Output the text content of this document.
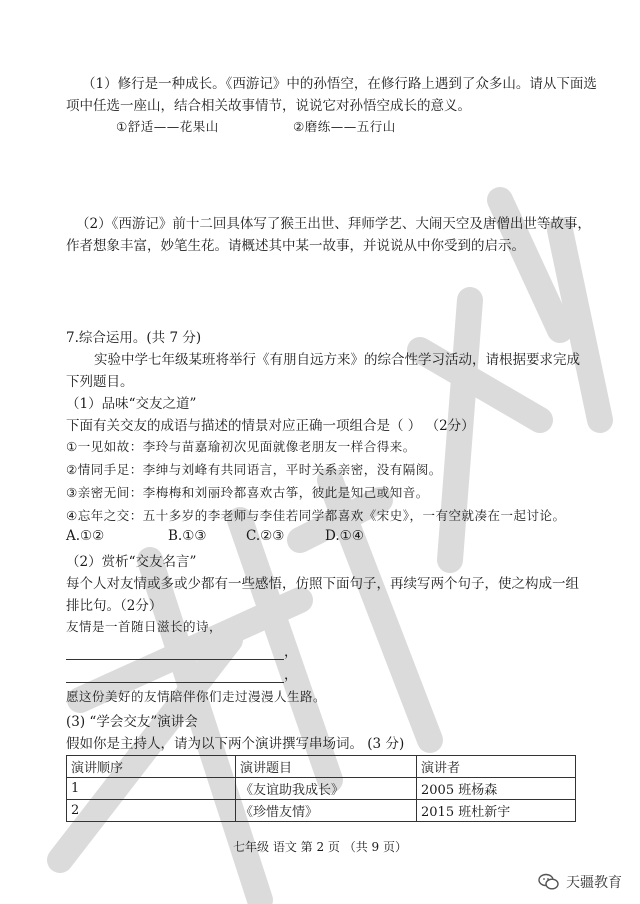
（1）修行是一种成长。《西游记》中的孙悟空，在修行路上遇到了众多山。请从下面选
项中任选一座山，结合相关故事情节，说说它对孙悟空成长的意义。
①舒适——花果山	②磨练——五行山
（2）《西游记》前十二回具体写了猴王出世、拜师学艺、大闹天空及唐僧出世等故事，
作者想象丰富，妙笔生花。请概述其中某一故事，并说说从中你受到的启示。
7.综合运用。(共 7 分)
实验中学七年级某班将举行《有朋自远方来》的综合性学习活动，请根据要求完成
下列题目。
（1）品味“交友之道”
下面有关交友的成语与描述的情景对应正确一项组合是（ ） （2分）
①一见如故：李玲与苗嘉瑜初次见面就像老朋友一样合得来。
②情同手足：李绅与刘峰有共同语言，平时关系亲密，没有隔阂。
③亲密无间：李梅梅和刘丽玲都喜欢古筝，彼此是知己或知音。
④忘年之交：五十多岁的李老师与李佳若同学都喜欢《宋史》，一有空就凑在一起讨论。
A.①②	B.①③	C.②③	D.①④
（2）赏析“交友名言”
每个人对友情或多或少都有一些感悟，仿照下面句子，再续写两个句子，使之构成一组
排比句。（2分）
友情是一首随日滋长的诗，
，
，
愿这份美好的友情陪伴你们走过漫漫人生路。
(3) “学会交友”演讲会
假如你是主持人，请为以下两个演讲撰写串场词。 (3 分)
演讲顺序	演讲题目	演讲者
1	《友谊助我成长》	2005 班杨森
2	《珍惜友情》	2015 班杜新宇
七年级 语文 第 2 页 （共 9 页）
天疆教育
